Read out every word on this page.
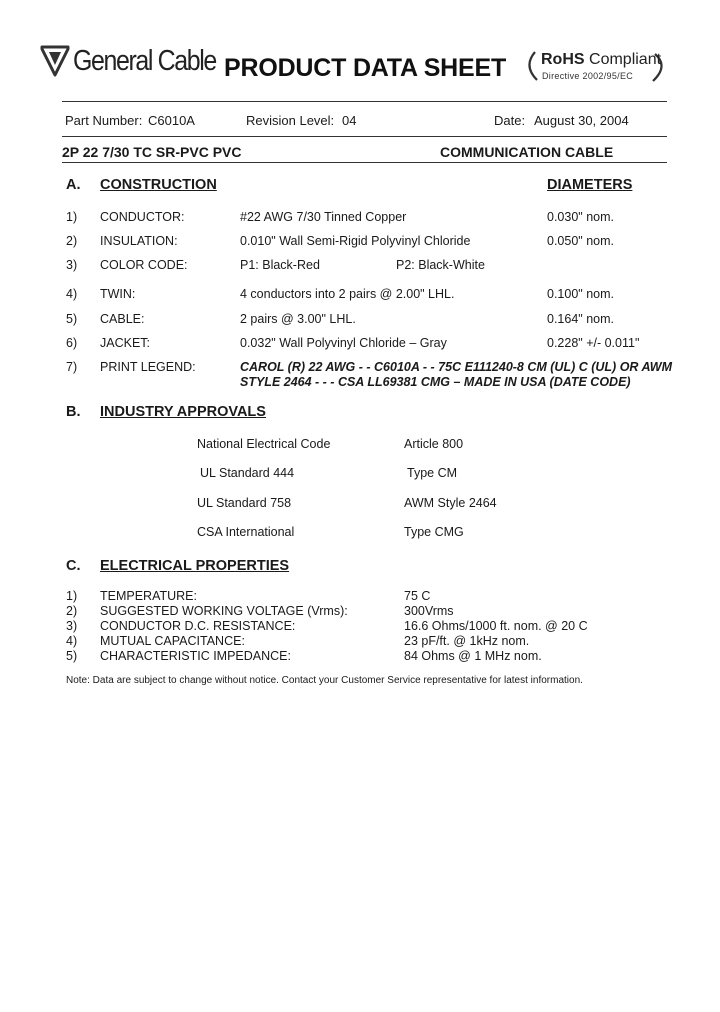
General Cable PRODUCT DATA SHEET RoHS Compliant
Directive 2002/95/EC
Part Number: C6010A	Revision Level: 04	Date: August 30, 2004
2P 22 7/30 TC SR-PVC PVC	COMMUNICATION CABLE
A. CONSTRUCTION	DIAMETERS
1) CONDUCTOR:	#22 AWG 7/30 Tinned Copper	0.030" nom.
2) INSULATION:	0.010" Wall Semi-Rigid Polyvinyl Chloride	0.050" nom.
3) COLOR CODE:	P1: Black-Red	P2: Black-White
4) TWIN:	4 conductors into 2 pairs @ 2.00" LHL.	0.100" nom.
5) CABLE:	2 pairs @ 3.00" LHL.	0.164" nom.
6) JACKET:	0.032" Wall Polyvinyl Chloride – Gray	0.228" +/- 0.011"
7) PRINT LEGEND:	CAROL (R) 22 AWG - - C6010A - - 75C E111240-8 CM (UL) C (UL) OR AWM
STYLE 2464 - - - CSA LL69381 CMG – MADE IN USA (DATE CODE)
B. INDUSTRY APPROVALS
National Electrical Code	Article 800
UL Standard 444	Type CM
UL Standard 758	AWM Style 2464
CSA International	Type CMG
C. ELECTRICAL PROPERTIES
1) TEMPERATURE:	75 C
2) SUGGESTED WORKING VOLTAGE (Vrms):	300Vrms
3) CONDUCTOR D.C. RESISTANCE:	16.6 Ohms/1000 ft. nom. @ 20 C
4) MUTUAL CAPACITANCE:	23 pF/ft. @ 1kHz nom.
5) CHARACTERISTIC IMPEDANCE:	84 Ohms @ 1 MHz nom.
Note: Data are subject to change without notice. Contact your Customer Service representative for latest information.
